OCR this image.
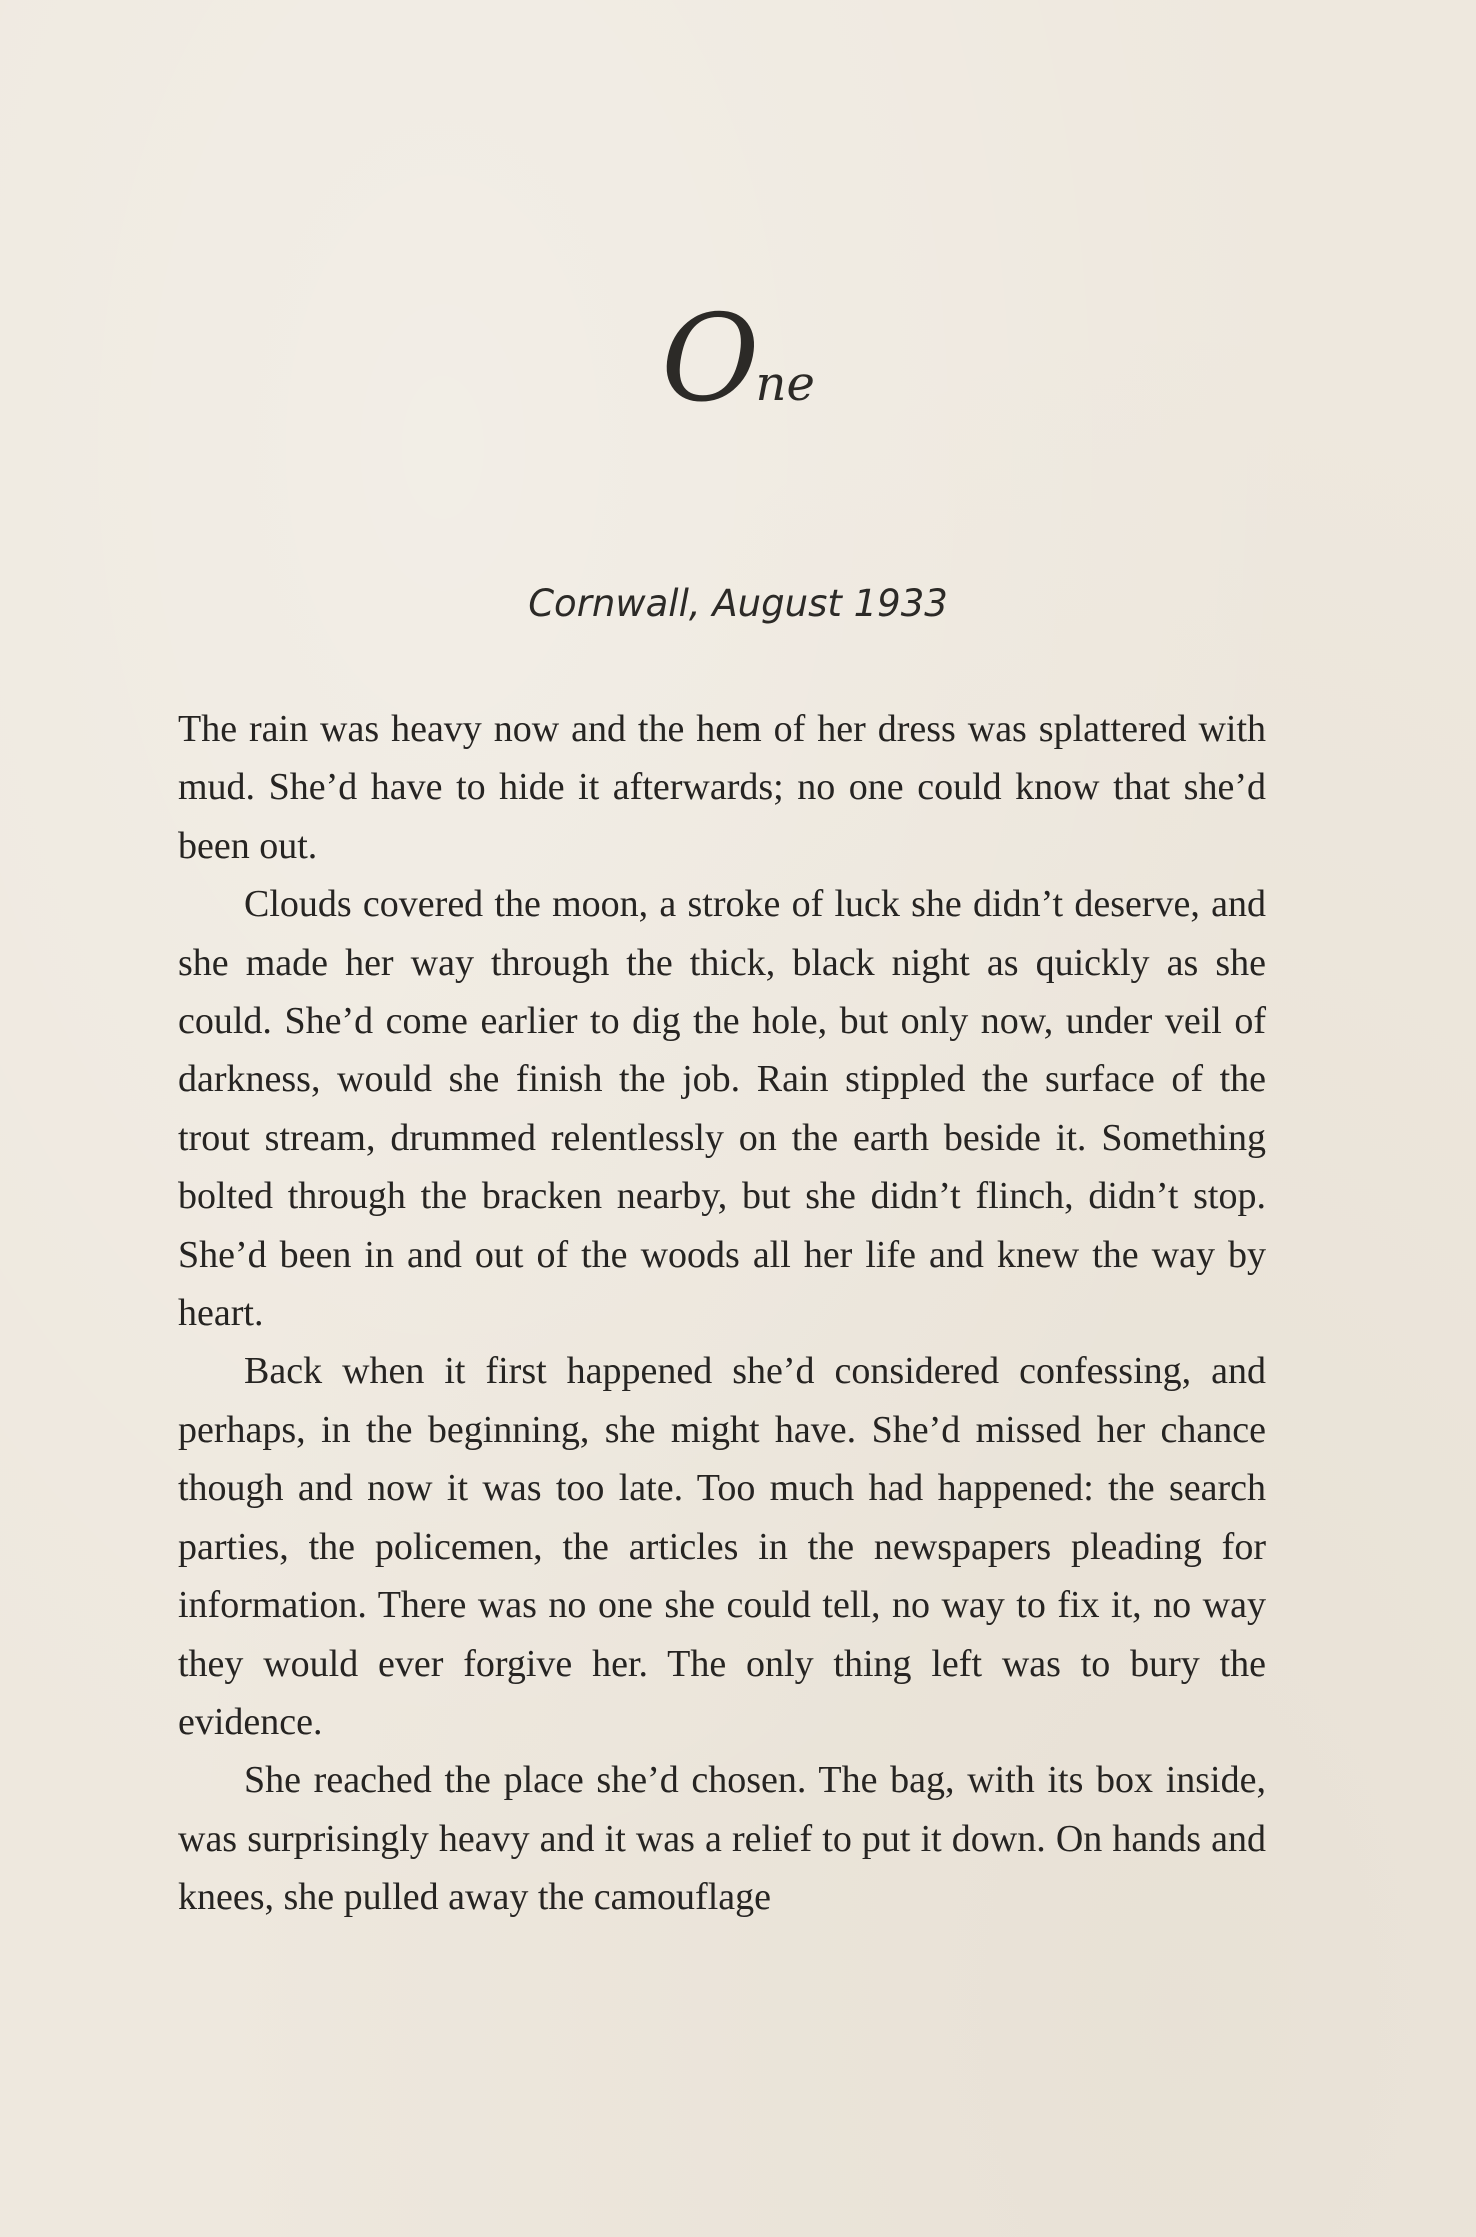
One
Cornwall, August 1933

The rain was heavy now and the hem of her dress was splattered with mud. She’d have to hide it afterwards; no one could know that she’d been out.

Clouds covered the moon, a stroke of luck she didn’t deserve, and she made her way through the thick, black night as quickly as she could. She’d come earlier to dig the hole, but only now, under veil of darkness, would she finish the job. Rain stippled the surface of the trout stream, drummed relentlessly on the earth beside it. Something bolted through the bracken nearby, but she didn’t flinch, didn’t stop. She’d been in and out of the woods all her life and knew the way by heart.

Back when it first happened she’d considered confessing, and perhaps, in the beginning, she might have. She’d missed her chance though and now it was too late. Too much had happened: the search parties, the policemen, the articles in the newspapers pleading for information. There was no one she could tell, no way to fix it, no way they would ever forgive her. The only thing left was to bury the evidence.

She reached the place she’d chosen. The bag, with its box inside, was surprisingly heavy and it was a relief to put it down. On hands and knees, she pulled away the camouflage
